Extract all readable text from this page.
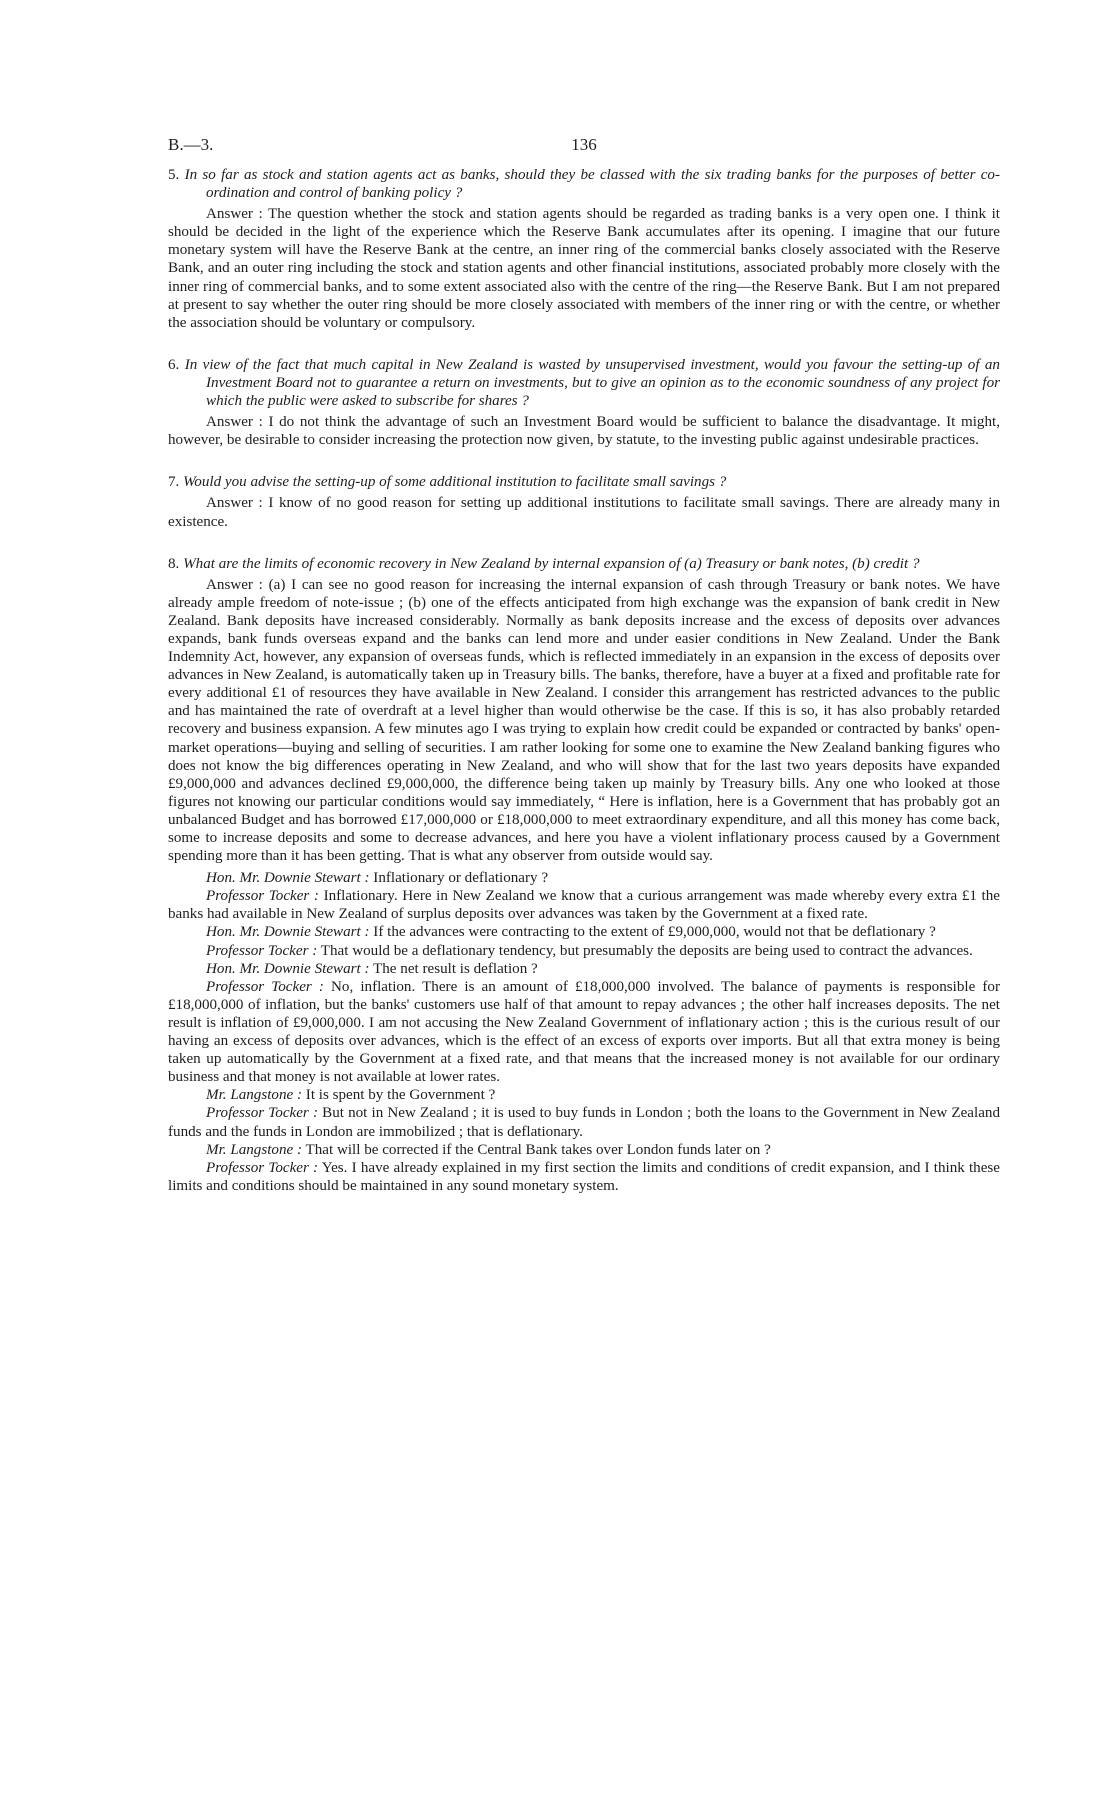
B.—3.	136

5. In so far as stock and station agents act as banks, should they be classed with the six trading banks for the purposes of better co-ordination and control of banking policy ?

Answer : The question whether the stock and station agents should be regarded as trading banks is a very open one. I think it should be decided in the light of the experience which the Reserve Bank accumulates after its opening. I imagine that our future monetary system will have the Reserve Bank at the centre, an inner ring of the commercial banks closely associated with the Reserve Bank, and an outer ring including the stock and station agents and other financial institutions, associated probably more closely with the inner ring of commercial banks, and to some extent associated also with the centre of the ring—the Reserve Bank. But I am not prepared at present to say whether the outer ring should be more closely associated with members of the inner ring or with the centre, or whether the association should be voluntary or compulsory.

6. In view of the fact that much capital in New Zealand is wasted by unsupervised investment, would you favour the setting-up of an Investment Board not to guarantee a return on investments, but to give an opinion as to the economic soundness of any project for which the public were asked to subscribe for shares ?

Answer : I do not think the advantage of such an Investment Board would be sufficient to balance the disadvantage. It might, however, be desirable to consider increasing the protection now given, by statute, to the investing public against undesirable practices.

7. Would you advise the setting-up of some additional institution to facilitate small savings ?

Answer : I know of no good reason for setting up additional institutions to facilitate small savings. There are already many in existence.

8. What are the limits of economic recovery in New Zealand by internal expansion of (a) Treasury or bank notes, (b) credit ?

Answer : (a) I can see no good reason for increasing the internal expansion of cash through Treasury or bank notes. We have already ample freedom of note-issue ; (b) one of the effects anticipated from high exchange was the expansion of bank credit in New Zealand. Bank deposits have increased considerably. Normally as bank deposits increase and the excess of deposits over advances expands, bank funds overseas expand and the banks can lend more and under easier conditions in New Zealand. Under the Bank Indemnity Act, however, any expansion of overseas funds, which is reflected immediately in an expansion in the excess of deposits over advances in New Zealand, is automatically taken up in Treasury bills. The banks, therefore, have a buyer at a fixed and profitable rate for every additional £1 of resources they have available in New Zealand. I consider this arrangement has restricted advances to the public and has maintained the rate of overdraft at a level higher than would otherwise be the case. If this is so, it has also probably retarded recovery and business expansion. A few minutes ago I was trying to explain how credit could be expanded or contracted by banks' open-market operations—buying and selling of securities. I am rather looking for some one to examine the New Zealand banking figures who does not know the big differences operating in New Zealand, and who will show that for the last two years deposits have expanded £9,000,000 and advances declined £9,000,000, the difference being taken up mainly by Treasury bills. Any one who looked at those figures not knowing our particular conditions would say immediately, “ Here is inflation, here is a Government that has probably got an unbalanced Budget and has borrowed £17,000,000 or £18,000,000 to meet extraordinary expenditure, and all this money has come back, some to increase deposits and some to decrease advances, and here you have a violent inflationary process caused by a Government spending more than it has been getting. That is what any observer from outside would say.

Hon. Mr. Downie Stewart : Inflationary or deflationary ?

Professor Tocker : Inflationary. Here in New Zealand we know that a curious arrangement was made whereby every extra £1 the banks had available in New Zealand of surplus deposits over advances was taken by the Government at a fixed rate.

Hon. Mr. Downie Stewart : If the advances were contracting to the extent of £9,000,000, would not that be deflationary ?

Professor Tocker : That would be a deflationary tendency, but presumably the deposits are being used to contract the advances.

Hon. Mr. Downie Stewart : The net result is deflation ?

Professor Tocker : No, inflation. There is an amount of £18,000,000 involved. The balance of payments is responsible for £18,000,000 of inflation, but the banks' customers use half of that amount to repay advances ; the other half increases deposits. The net result is inflation of £9,000,000. I am not accusing the New Zealand Government of inflationary action ; this is the curious result of our having an excess of deposits over advances, which is the effect of an excess of exports over imports. But all that extra money is being taken up automatically by the Government at a fixed rate, and that means that the increased money is not available for our ordinary business and that money is not available at lower rates.

Mr. Langstone : It is spent by the Government ?

Professor Tocker : But not in New Zealand ; it is used to buy funds in London ; both the loans to the Government in New Zealand funds and the funds in London are immobilized ; that is deflationary.

Mr. Langstone : That will be corrected if the Central Bank takes over London funds later on ?

Professor Tocker : Yes. I have already explained in my first section the limits and conditions of credit expansion, and I think these limits and conditions should be maintained in any sound monetary system.
